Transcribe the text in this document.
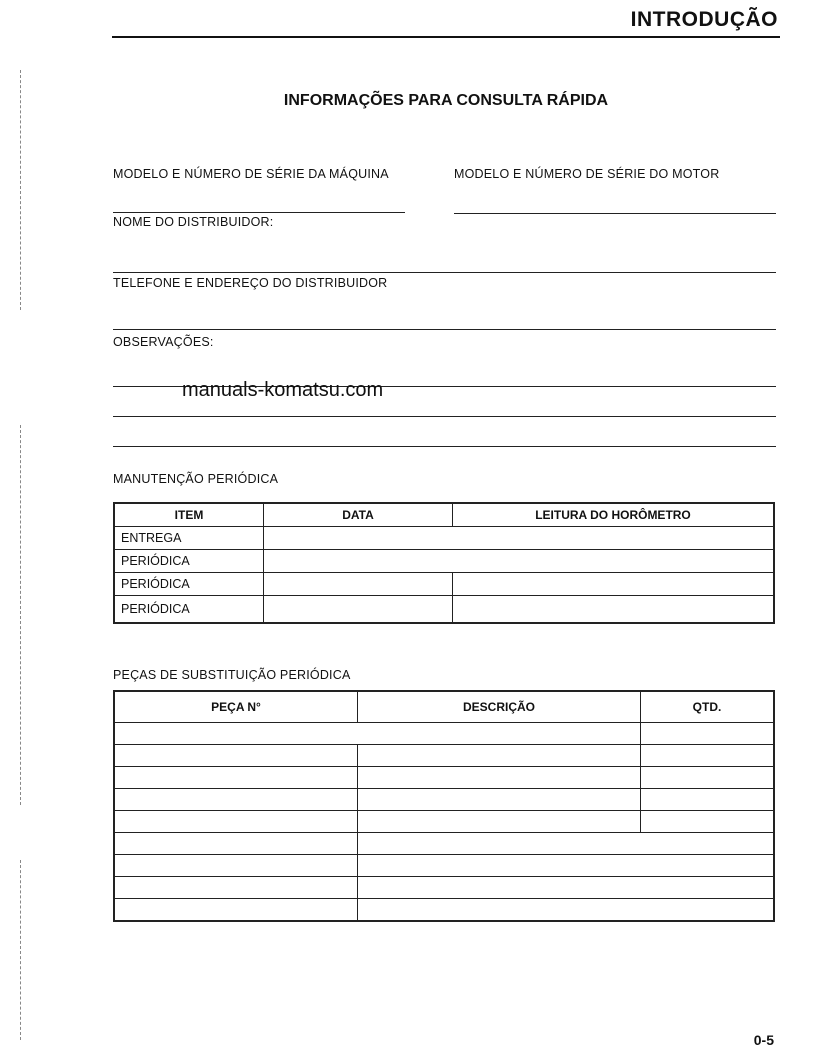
INTRODUÇÃO
INFORMAÇÕES PARA CONSULTA RÁPIDA
MODELO E NÚMERO DE SÉRIE DA MÁQUINA	MODELO E NÚMERO DE SÉRIE DO MOTOR
NOME DO DISTRIBUIDOR:
TELEFONE E ENDEREÇO DO DISTRIBUIDOR
OBSERVAÇÕES:
manuals-komatsu.com
MANUTENÇÃO PERIÓDICA
ITEM	DATA	LEITURA DO HORÔMETRO
ENTREGA		
PERIÓDICA		
PERIÓDICA		
PERIÓDICA		
PEÇAS DE SUBSTITUIÇÃO PERIÓDICA
PEÇA N°	DESCRIÇÃO	QTD.

0-5
